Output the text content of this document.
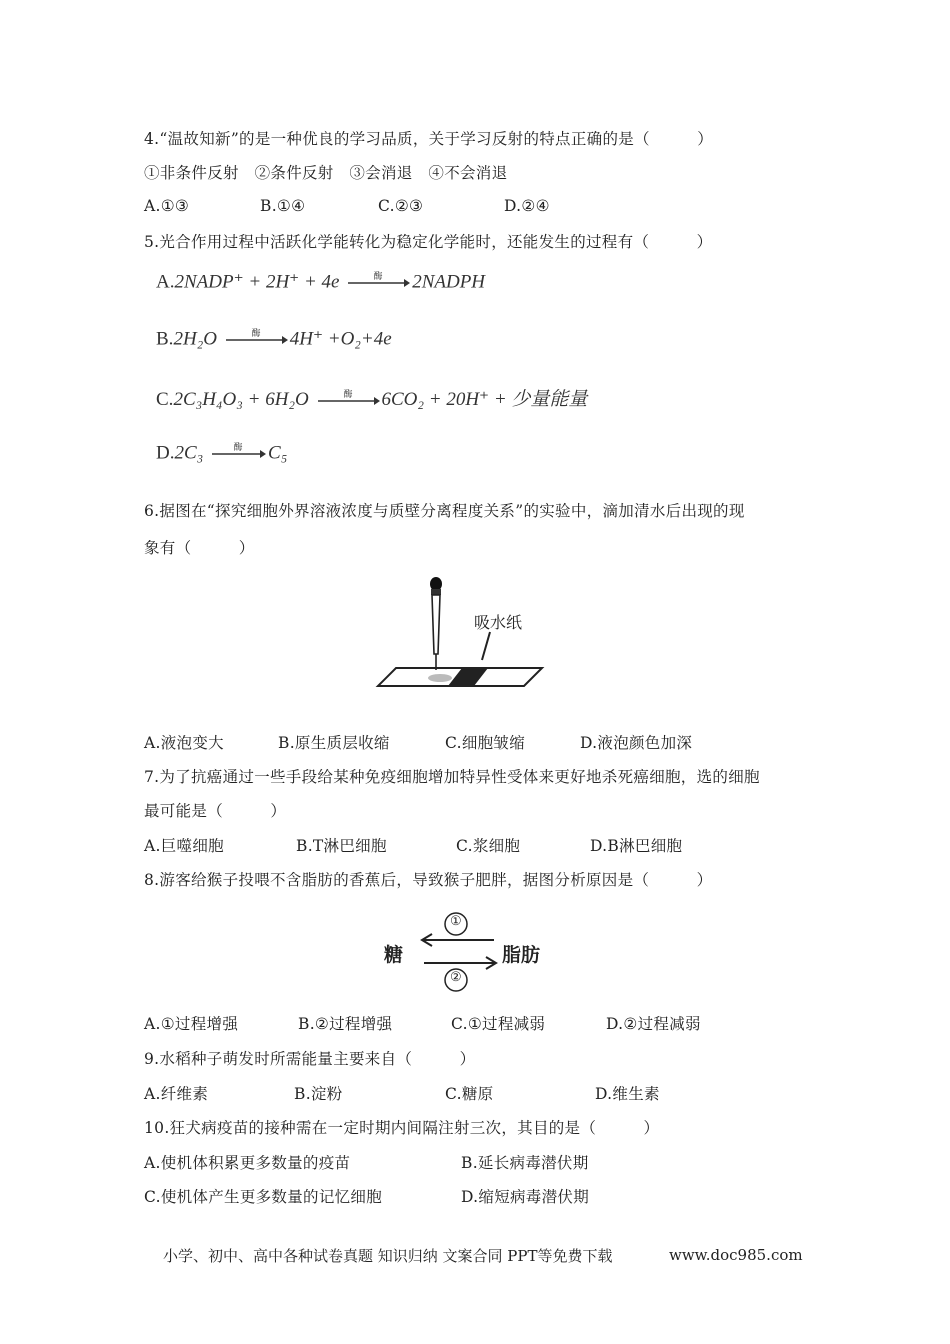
4.“温故知新”的是一种优良的学习品质，关于学习反射的特点正确的是（　　　）
①非条件反射　②条件反射　③会消退　④不会消退
A.①③	B.①④	C.②③	D.②④
5.光合作用过程中活跃化学能转化为稳定化学能时，还能发生的过程有（　　　）
A.2NADP⁺ + 2H⁺ + 4e	酶 2NADPH
B.2H₂O	酶 4H⁺ +O₂+4e
C.2C₃H₄O₃ + 6H₂O	酶 6CO₂ + 20H⁺ + 少量能量
D.2C₃	酶 C₅
6.据图在“探究细胞外界溶液浓度与质壁分离程度关系”的实验中，滴加清水后出现的现
象有（　　　）
吸水纸
A.液泡变大	B.原生质层收缩	C.细胞皱缩	D.液泡颜色加深
7.为了抗癌通过一些手段给某种免疫细胞增加特异性受体来更好地杀死癌细胞，选的细胞
最可能是（　　　）
A.巨噬细胞	B.T淋巴细胞	C.浆细胞	D.B淋巴细胞
8.游客给猴子投喂不含脂肪的香蕉后，导致猴子肥胖，据图分析原因是（　　　）
糖	脂肪
①
②
A.①过程增强	B.②过程增强	C.①过程减弱	D.②过程减弱
9.水稻种子萌发时所需能量主要来自（　　　）
A.纤维素	B.淀粉	C.糖原	D.维生素
10.狂犬病疫苗的接种需在一定时期内间隔注射三次，其目的是（　　　）
A.使机体积累更多数量的疫苗	B.延长病毒潜伏期
C.使机体产生更多数量的记忆细胞	D.缩短病毒潜伏期
小学、初中、高中各种试卷真题 知识归纳 文案合同 PPT等免费下载	www.doc985.com
